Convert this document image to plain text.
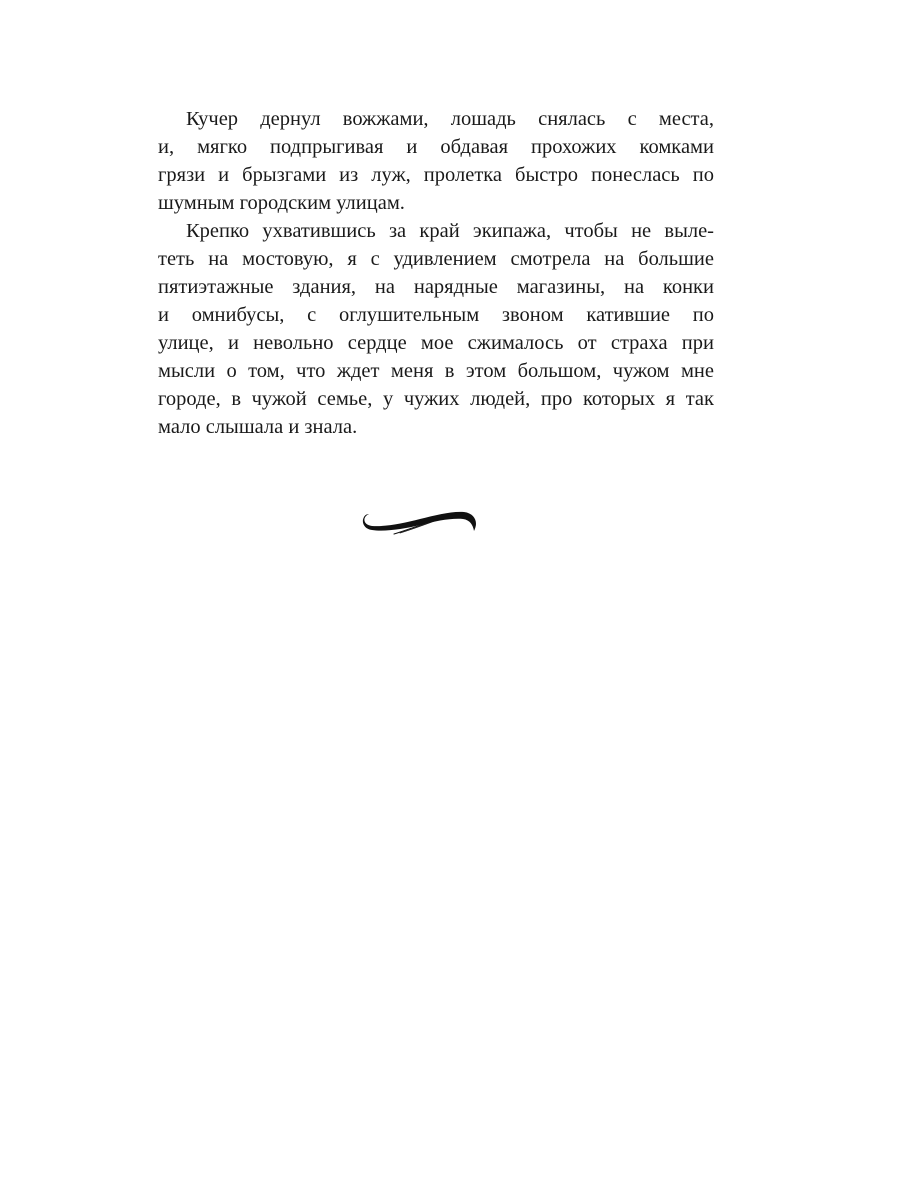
Кучер дернул вожжами, лошадь снялась с места,
и, мягко подпрыгивая и обдавая прохожих комками
грязи и брызгами из луж, пролетка быстро понеслась по
шумным городским улицам.
Крепко ухватившись за край экипажа, чтобы не выле-
теть на мостовую, я с удивлением смотрела на большие
пятиэтажные здания, на нарядные магазины, на конки
и омнибусы, с оглушительным звоном катившие по
улице, и невольно сердце мое сжималось от страха при
мысли о том, что ждет меня в этом большом, чужом мне
городе, в чужой семье, у чужих людей, про которых я так
мало слышала и знала.
